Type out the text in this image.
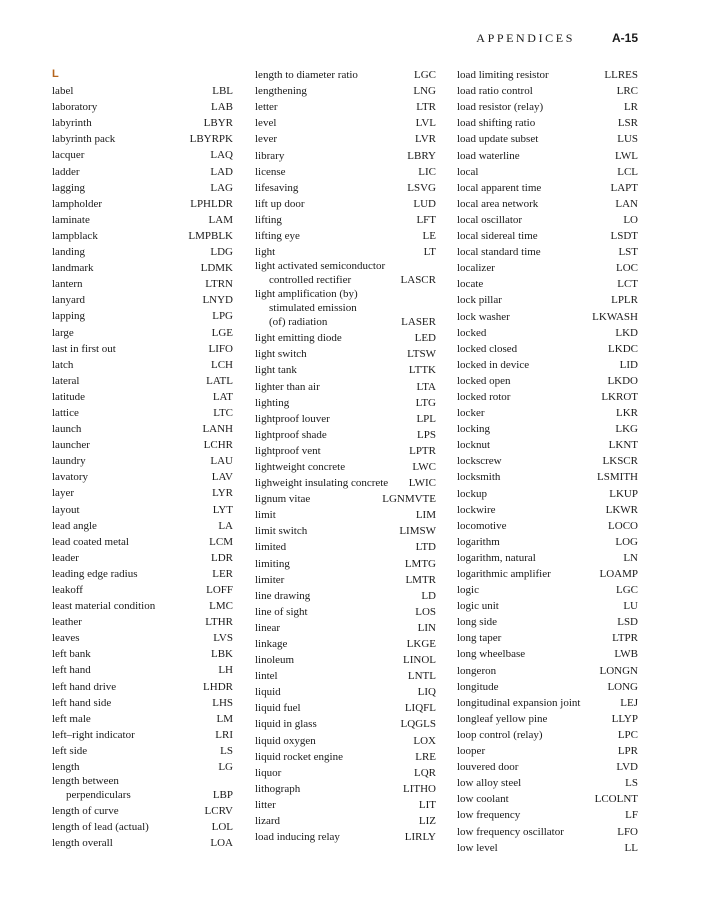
APPENDICES	A-15
L
label	LBL
laboratory	LAB
labyrinth	LBYR
labyrinth pack	LBYRPK
lacquer	LAQ
ladder	LAD
lagging	LAG
lampholder	LPHLDR
laminate	LAM
lampblack	LMPBLK
landing	LDG
landmark	LDMK
lantern	LTRN
lanyard	LNYD
lapping	LPG
large	LGE
last in first out	LIFO
latch	LCH
lateral	LATL
latitude	LAT
lattice	LTC
launch	LANH
launcher	LCHR
laundry	LAU
lavatory	LAV
layer	LYR
layout	LYT
lead angle	LA
lead coated metal	LCM
leader	LDR
leading edge radius	LER
leakoff	LOFF
least material condition	LMC
leather	LTHR
leaves	LVS
left bank	LBK
left hand	LH
left hand drive	LHDR
left hand side	LHS
left male	LM
left–right indicator	LRI
left side	LS
length	LG
length between
perpendiculars	LBP
length of curve	LCRV
length of lead (actual)	LOL
length overall	LOA
length to diameter ratio	LGC
lengthening	LNG
letter	LTR
level	LVL
lever	LVR
library	LBRY
license	LIC
lifesaving	LSVG
lift up door	LUD
lifting	LFT
lifting eye	LE
light	LT
light activated semiconductor
controlled rectifier	LASCR
light amplification (by)
stimulated emission
(of) radiation	LASER
light emitting diode	LED
light switch	LTSW
light tank	LTTK
lighter than air	LTA
lighting	LTG
lightproof louver	LPL
lightproof shade	LPS
lightproof vent	LPTR
lightweight concrete	LWC
lighweight insulating concrete LWIC
lignum vitae	LGNMVTE
limit	LIM
limit switch	LIMSW
limited	LTD
limiting	LMTG
limiter	LMTR
line drawing	LD
line of sight	LOS
linear	LIN
linkage	LKGE
linoleum	LINOL
lintel	LNTL
liquid	LIQ
liquid fuel	LIQFL
liquid in glass	LQGLS
liquid oxygen	LOX
liquid rocket engine	LRE
liquor	LQR
lithograph	LITHO
litter	LIT
lizard	LIZ
load inducing relay	LIRLY
load limiting resistor	LLRES
load ratio control	LRC
load resistor (relay)	LR
load shifting ratio	LSR
load update subset	LUS
load waterline	LWL
local	LCL
local apparent time	LAPT
local area network	LAN
local oscillator	LO
local sidereal time	LSDT
local standard time	LST
localizer	LOC
locate	LCT
lock pillar	LPLR
lock washer	LKWASH
locked	LKD
locked closed	LKDC
locked in device	LID
locked open	LKDO
locked rotor	LKROT
locker	LKR
locking	LKG
locknut	LKNT
lockscrew	LKSCR
locksmith	LSMITH
lockup	LKUP
lockwire	LKWR
locomotive	LOCO
logarithm	LOG
logarithm, natural	LN
logarithmic amplifier	LOAMP
logic	LGC
logic unit	LU
long side	LSD
long taper	LTPR
long wheelbase	LWB
longeron	LONGN
longitude	LONG
longitudinal expansion joint	LEJ
longleaf yellow pine	LLYP
loop control (relay)	LPC
looper	LPR
louvered door	LVD
low alloy steel	LS
low coolant	LCOLNT
low frequency	LF
low frequency oscillator	LFO
low level	LL
